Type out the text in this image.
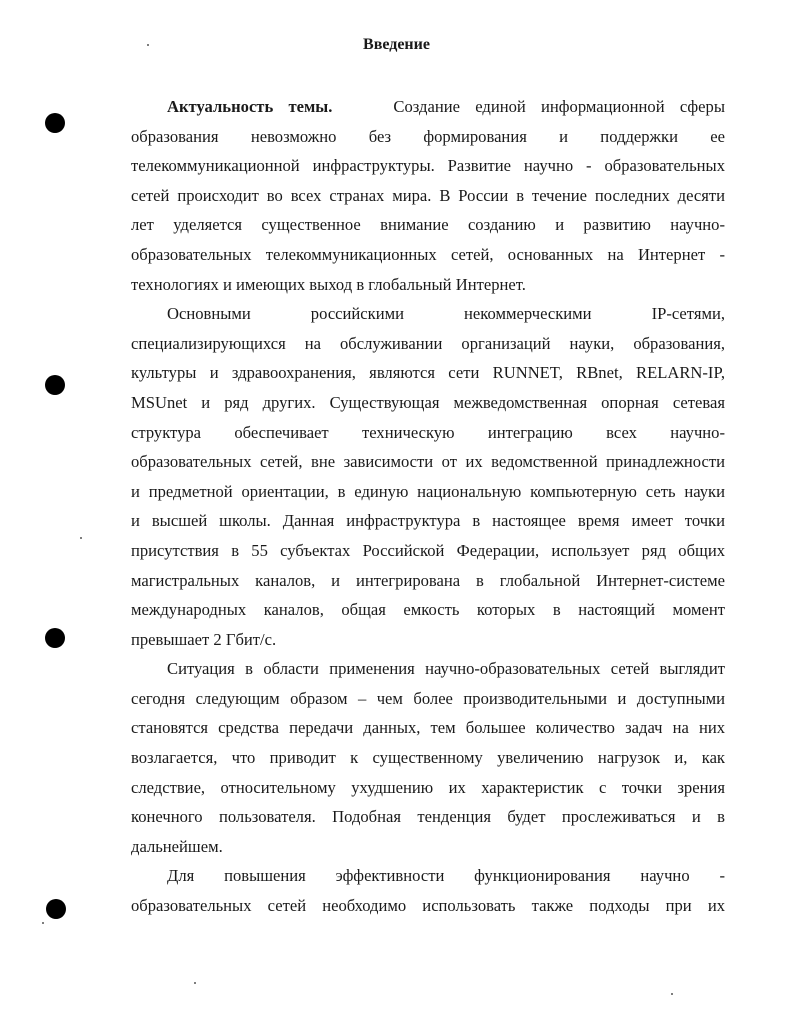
Введение
Актуальность темы.	Создание единой информационной сферы
образования невозможно без формирования и поддержки ее
телекоммуникационной инфраструктуры. Развитие научно - образовательных
сетей происходит во всех странах мира. В России в течение последних десяти
лет уделяется существенное внимание созданию и развитию научно-
образовательных телекоммуникационных сетей, основанных на Интернет -
технологиях и имеющих выход в глобальный Интернет.
Основными российскими некоммерческими IP-сетями,
специализирующихся на обслуживании организаций науки, образования,
культуры и здравоохранения, являются сети RUNNET, RBnet, RELARN-IP,
MSUnet и ряд других. Существующая межведомственная опорная сетевая
структура обеспечивает техническую интеграцию всех научно-
образовательных сетей, вне зависимости от их ведомственной принадлежности
и предметной ориентации, в единую национальную компьютерную сеть науки
и высшей школы. Данная инфраструктура в настоящее время имеет точки
присутствия в 55 субъектах Российской Федерации, использует ряд общих
магистральных каналов, и интегрирована в глобальной Интернет-системе
международных каналов, общая емкость которых в настоящий момент
превышает 2 Гбит/с.
Ситуация в области применения научно-образовательных сетей выглядит
сегодня следующим образом – чем более производительными и доступными
становятся средства передачи данных, тем большее количество задач на них
возлагается, что приводит к существенному увеличению нагрузок и, как
следствие, относительному ухудшению их характеристик с точки зрения
конечного пользователя. Подобная тенденция будет прослеживаться и в
дальнейшем.
Для повышения эффективности функционирования научно -
образовательных сетей необходимо использовать также подходы при их
